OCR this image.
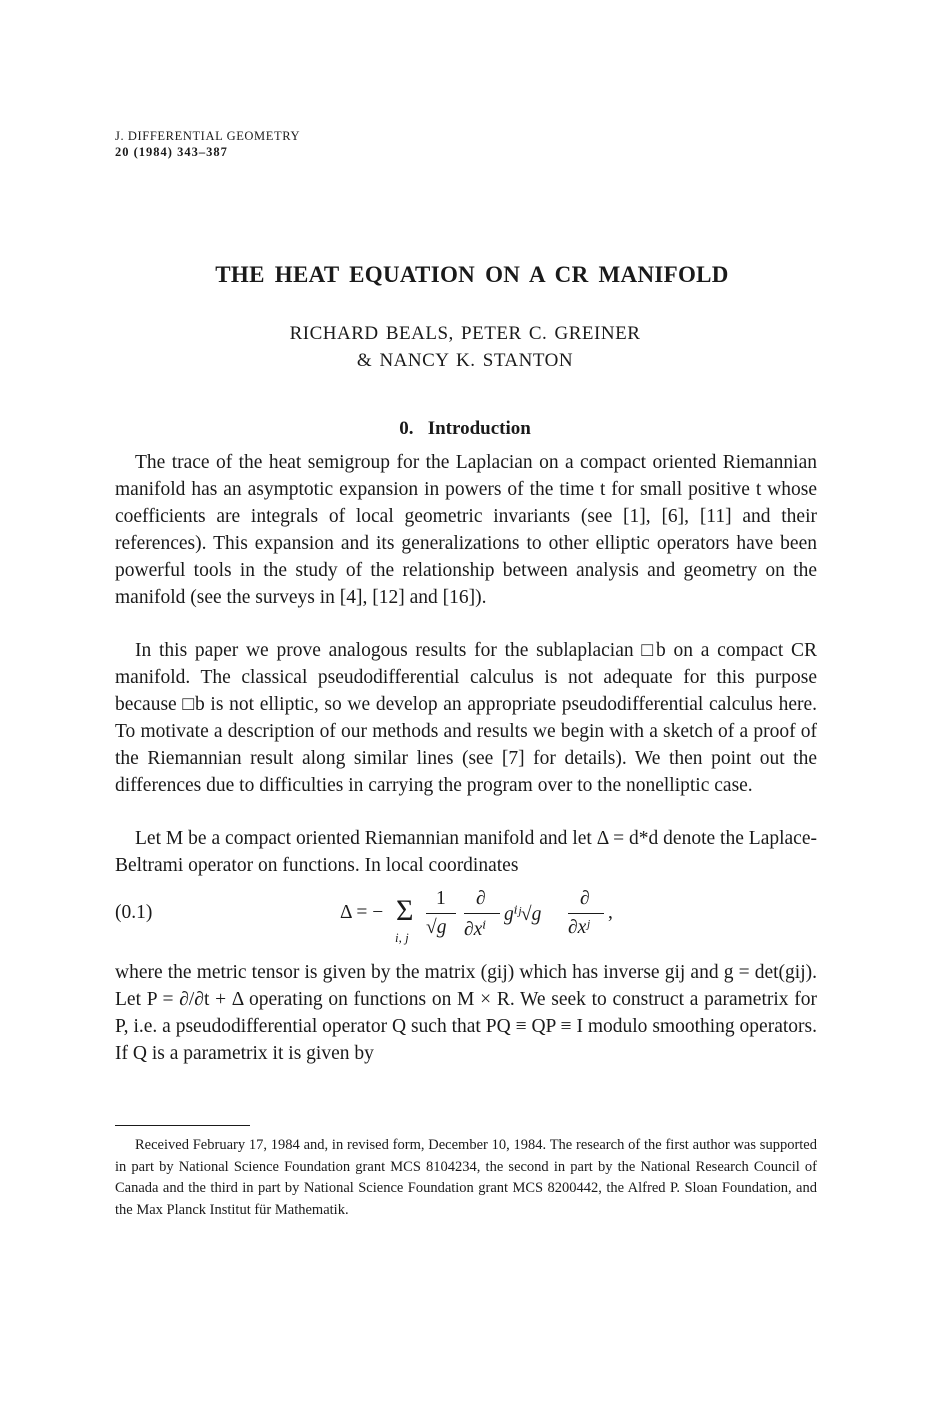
J. DIFFERENTIAL GEOMETRY
20 (1984) 343–387
THE HEAT EQUATION ON A CR MANIFOLD
RICHARD BEALS, PETER C. GREINER
& NANCY K. STANTON
0. Introduction

The trace of the heat semigroup for the Laplacian on a compact oriented Riemannian manifold has an asymptotic expansion in powers of the time t for small positive t whose coefficients are integrals of local geometric invariants (see [1], [6], [11] and their references). This expansion and its generalizations to other elliptic operators have been powerful tools in the study of the relationship between analysis and geometry on the manifold (see the surveys in [4], [12] and [16]).

In this paper we prove analogous results for the sublaplacian □b on a compact CR manifold. The classical pseudodifferential calculus is not adequate for this purpose because □b is not elliptic, so we develop an appropriate pseudodifferential calculus here. To motivate a description of our methods and results we begin with a sketch of a proof of the Riemannian result along similar lines (see [7] for details). We then point out the differences due to difficulties in carrying the program over to the nonelliptic case.

Let M be a compact oriented Riemannian manifold and let Δ = d*d denote the Laplace-Beltrami operator on functions. In local coordinates

(0.1)	Δ = − Σ
i, j
1
√g
∂
∂xⁱ
gⁱʲ√g
∂
∂xʲ
,

where the metric tensor is given by the matrix (gij) which has inverse gij and g = det(gij). Let P = ∂/∂t + Δ operating on functions on M × R. We seek to construct a parametrix for P, i.e. a pseudodifferential operator Q such that PQ ≡ QP ≡ I modulo smoothing operators. If Q is a parametrix it is given by

Received February 17, 1984 and, in revised form, December 10, 1984. The research of the first author was supported in part by National Science Foundation grant MCS 8104234, the second in part by the National Research Council of Canada and the third in part by National Science Foundation grant MCS 8200442, the Alfred P. Sloan Foundation, and the Max Planck Institut für Mathematik.
